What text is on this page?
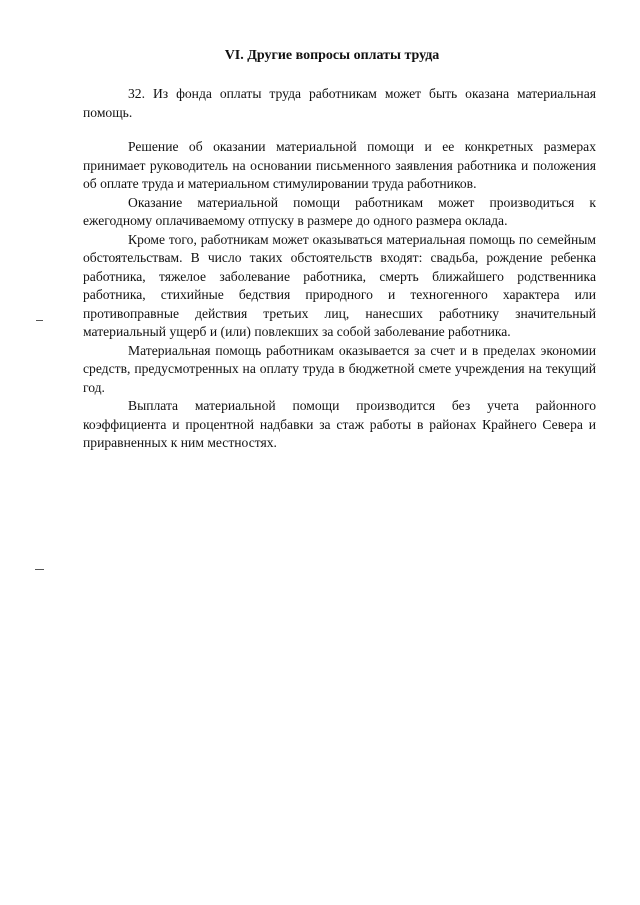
VI. Другие вопросы оплаты труда

32. Из фонда оплаты труда работникам может быть оказана материальная помощь.

Решение об оказании материальной помощи и ее конкретных размерах принимает руководитель на основании письменного заявления работника и положения об оплате труда и материальном стимулировании труда работников.

Оказание материальной помощи работникам может производиться к ежегодному оплачиваемому отпуску в размере до одного размера оклада.

Кроме того, работникам может оказываться материальная помощь по семейным обстоятельствам. В число таких обстоятельств входят: свадьба, рождение ребенка работника, тяжелое заболевание работника, смерть ближайшего родственника работника, стихийные бедствия природного и техногенного характера или противоправные действия третьих лиц, нанесших работнику значительный материальный ущерб и (или) повлекших за собой заболевание работника.

Материальная помощь работникам оказывается за счет и в пределах экономии средств, предусмотренных на оплату труда в бюджетной смете учреждения на текущий год.

Выплата материальной помощи производится без учета районного коэффициента и процентной надбавки за стаж работы в районах Крайнего Севера и приравненных к ним местностях.
